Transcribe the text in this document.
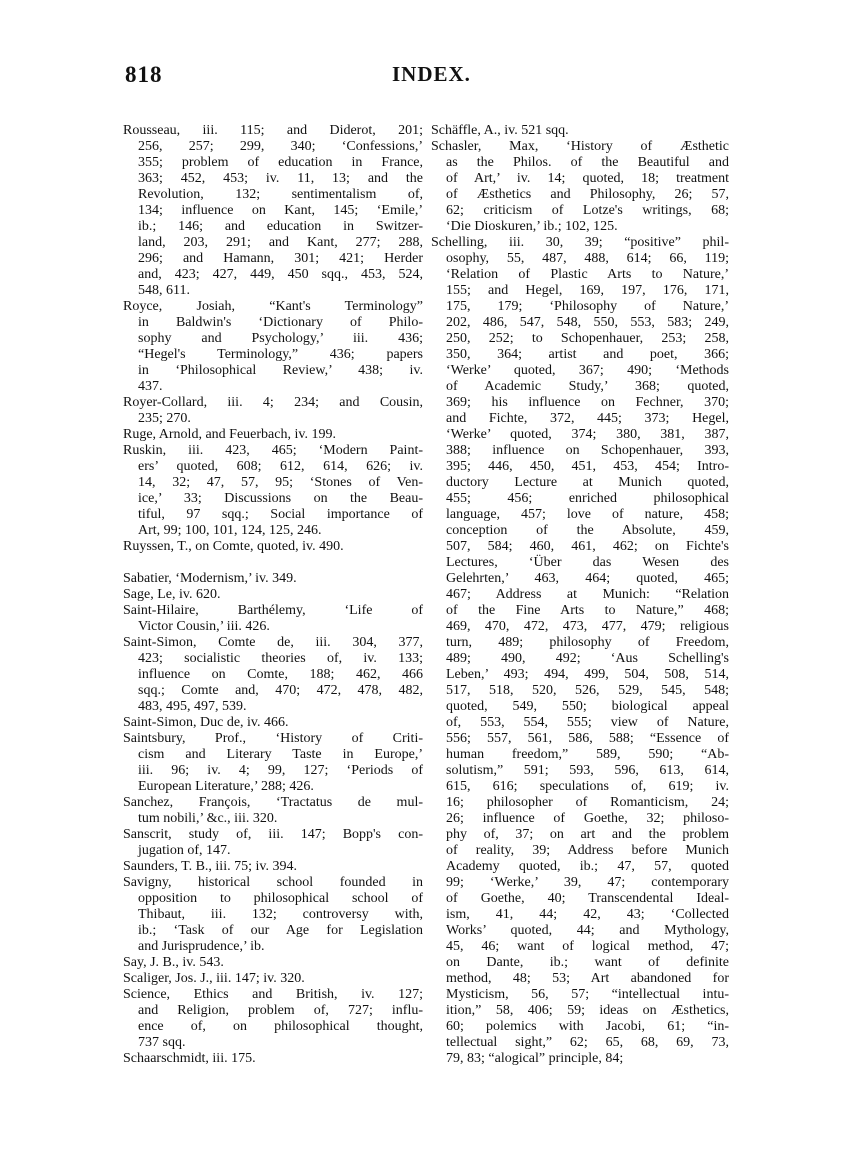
818	INDEX.
Rousseau, iii. 115; and Diderot, 201;
256, 257; 299, 340; ‘Confessions,’
355; problem of education in France,
363; 452, 453; iv. 11, 13; and the
Revolution, 132; sentimentalism of,
134; influence on Kant, 145; ‘Emile,’
ib.; 146; and education in Switzer-
land, 203, 291; and Kant, 277; 288,
296; and Hamann, 301; 421; Herder
and, 423; 427, 449, 450 sqq., 453, 524,
548, 611.
Royce, Josiah, “Kant's Terminology”
in Baldwin's ‘Dictionary of Philo-
sophy and Psychology,’ iii. 436;
“Hegel's Terminology,” 436; papers
in ‘Philosophical Review,’ 438; iv.
437.
Royer-Collard, iii. 4; 234; and Cousin,
235; 270.
Ruge, Arnold, and Feuerbach, iv. 199.
Ruskin, iii. 423, 465; ‘Modern Paint-
ers’ quoted, 608; 612, 614, 626; iv.
14, 32; 47, 57, 95; ‘Stones of Ven-
ice,’ 33; Discussions on the Beau-
tiful, 97 sqq.; Social importance of
Art, 99; 100, 101, 124, 125, 246.
Ruyssen, T., on Comte, quoted, iv. 490.
Sabatier, ‘Modernism,’ iv. 349.
Sage, Le, iv. 620.
Saint-Hilaire, Barthélemy, ‘Life of
Victor Cousin,’ iii. 426.
Saint-Simon, Comte de, iii. 304, 377,
423; socialistic theories of, iv. 133;
influence on Comte, 188; 462, 466
sqq.; Comte and, 470; 472, 478, 482,
483, 495, 497, 539.
Saint-Simon, Duc de, iv. 466.
Saintsbury, Prof., ‘History of Criti-
cism and Literary Taste in Europe,’
iii. 96; iv. 4; 99, 127; ‘Periods of
European Literature,’ 288; 426.
Sanchez, François, ‘Tractatus de mul-
tum nobili,’ &c., iii. 320.
Sanscrit, study of, iii. 147; Bopp's con-
jugation of, 147.
Saunders, T. B., iii. 75; iv. 394.
Savigny, historical school founded in
opposition to philosophical school of
Thibaut, iii. 132; controversy with,
ib.; ‘Task of our Age for Legislation
and Jurisprudence,’ ib.
Say, J. B., iv. 543.
Scaliger, Jos. J., iii. 147; iv. 320.
Science, Ethics and British, iv. 127;
and Religion, problem of, 727; influ-
ence of, on philosophical thought,
737 sqq.
Schaarschmidt, iii. 175.
Schäffle, A., iv. 521 sqq.
Schasler, Max, ‘History of Æsthetic
as the Philos. of the Beautiful and
of Art,’ iv. 14; quoted, 18; treatment
of Æsthetics and Philosophy, 26; 57,
62; criticism of Lotze's writings, 68;
‘Die Dioskuren,’ ib.; 102, 125.
Schelling, iii. 30, 39; “positive” phil-
osophy, 55, 487, 488, 614; 66, 119;
‘Relation of Plastic Arts to Nature,’
155; and Hegel, 169, 197, 176, 171,
175, 179; ‘Philosophy of Nature,’
202, 486, 547, 548, 550, 553, 583; 249,
250, 252; to Schopenhauer, 253; 258,
350, 364; artist and poet, 366;
‘Werke’ quoted, 367; 490; ‘Methods
of Academic Study,’ 368; quoted,
369; his influence on Fechner, 370;
and Fichte, 372, 445; 373; Hegel,
‘Werke’ quoted, 374; 380, 381, 387,
388; influence on Schopenhauer, 393,
395; 446, 450, 451, 453, 454; Intro-
ductory Lecture at Munich quoted,
455; 456; enriched philosophical
language, 457; love of nature, 458;
conception of the Absolute, 459,
507, 584; 460, 461, 462; on Fichte's
Lectures, ‘Über das Wesen des
Gelehrten,’ 463, 464; quoted, 465;
467; Address at Munich: “Relation
of the Fine Arts to Nature,” 468;
469, 470, 472, 473, 477, 479; religious
turn, 489; philosophy of Freedom,
489; 490, 492; ‘Aus Schelling's
Leben,’ 493; 494, 499, 504, 508, 514,
517, 518, 520, 526, 529, 545, 548;
quoted, 549, 550; biological appeal
of, 553, 554, 555; view of Nature,
556; 557, 561, 586, 588; “Essence of
human freedom,” 589, 590; “Ab-
solutism,” 591; 593, 596, 613, 614,
615, 616; speculations of, 619; iv.
16; philosopher of Romanticism, 24;
26; influence of Goethe, 32; philoso-
phy of, 37; on art and the problem
of reality, 39; Address before Munich
Academy quoted, ib.; 47, 57, quoted
99; ‘Werke,’ 39, 47; contemporary
of Goethe, 40; Transcendental Ideal-
ism, 41, 44; 42, 43; ‘Collected
Works’ quoted, 44; and Mythology,
45, 46; want of logical method, 47;
on Dante, ib.; want of definite
method, 48; 53; Art abandoned for
Mysticism, 56, 57; “intellectual intu-
ition,” 58, 406; 59; ideas on Æsthetics,
60; polemics with Jacobi, 61; “in-
tellectual sight,” 62; 65, 68, 69, 73,
79, 83; “alogical” principle, 84;
